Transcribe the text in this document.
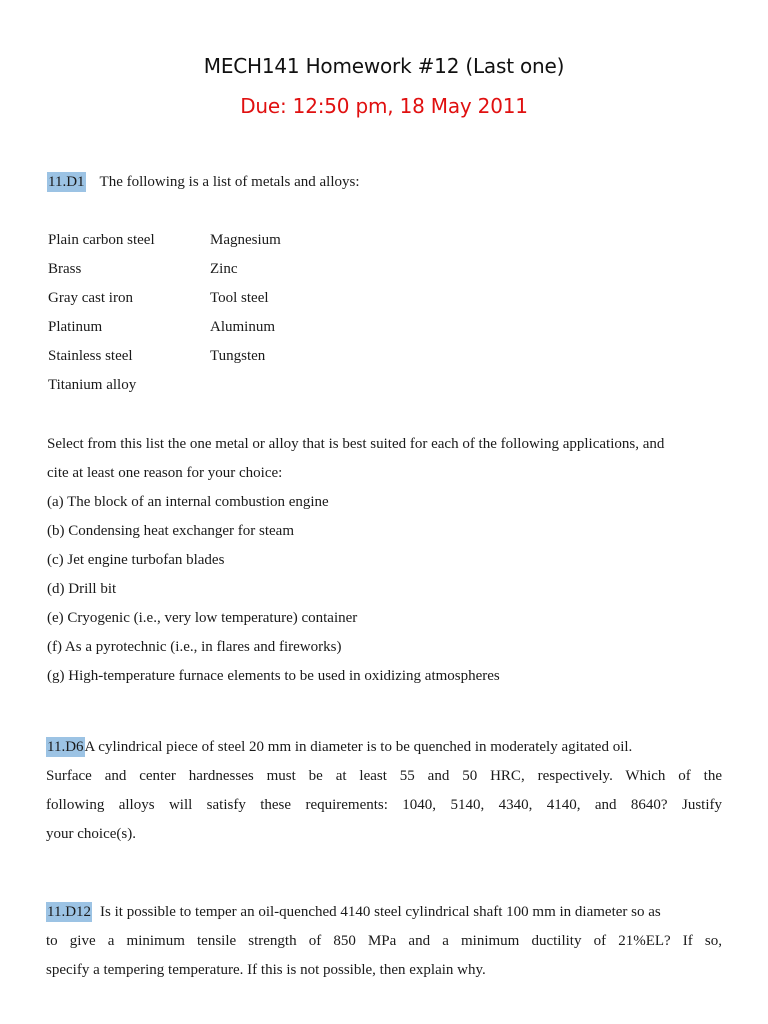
MECH141 Homework #12 (Last one)
Due: 12:50 pm, 18 May 2011
11.D1 The following is a list of metals and alloys:
Plain carbon steel
Brass
Gray cast iron
Platinum
Stainless steel
Titanium alloy
Magnesium
Zinc
Tool steel
Aluminum
Tungsten
Select from this list the one metal or alloy that is best suited for each of the following applications, and
cite at least one reason for your choice:
(a) The block of an internal combustion engine
(b) Condensing heat exchanger for steam
(c) Jet engine turbofan blades
(d) Drill bit
(e) Cryogenic (i.e., very low temperature) container
(f) As a pyrotechnic (i.e., in flares and fireworks)
(g) High-temperature furnace elements to be used in oxidizing atmospheres
11.D6A cylindrical piece of steel 20 mm in diameter is to be quenched in moderately agitated oil.
Surface and center hardnesses must be at least 55 and 50 HRC, respectively. Which of the
following alloys will satisfy these requirements: 1040, 5140, 4340, 4140, and 8640? Justify
your choice(s).
11.D12 Is it possible to temper an oil-quenched 4140 steel cylindrical shaft 100 mm in diameter so as
to give a minimum tensile strength of 850 MPa and a minimum ductility of 21%EL? If so,
specify a tempering temperature. If this is not possible, then explain why.
